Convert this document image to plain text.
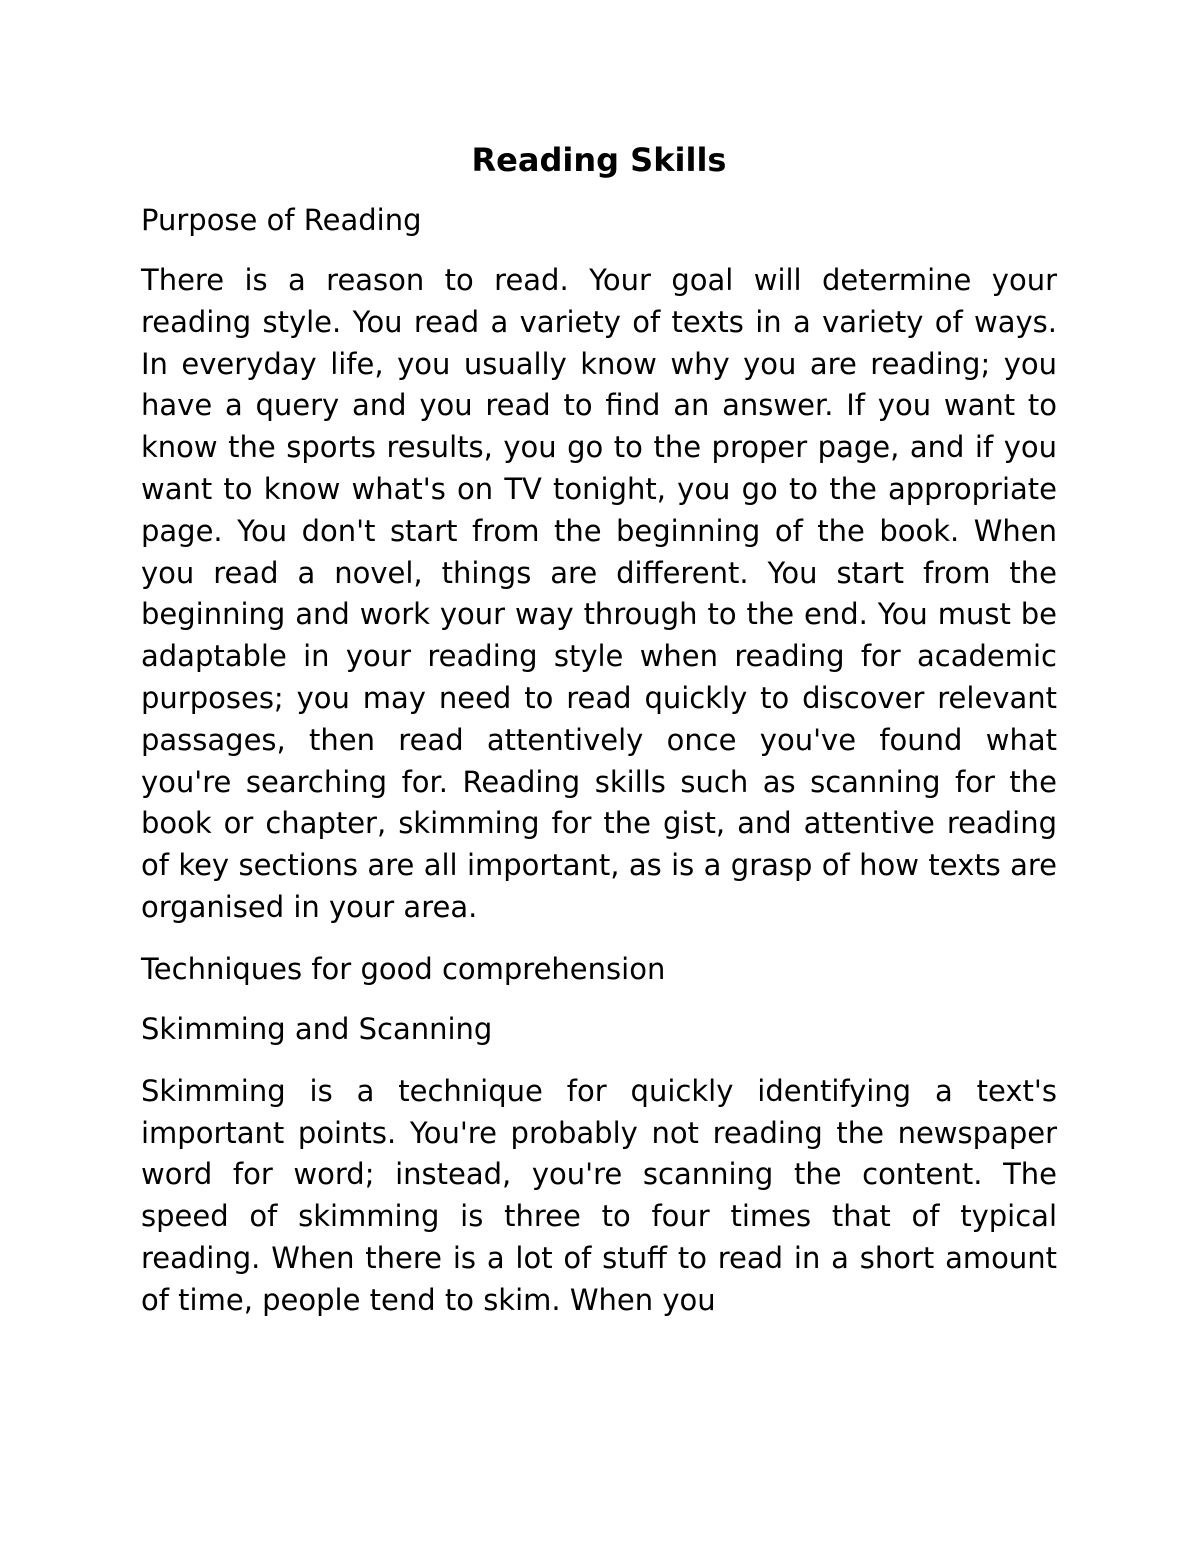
Reading Skills
Purpose of Reading
There is a reason to read. Your goal will determine your reading style. You read a variety of texts in a variety of ways. In everyday life, you usually know why you are reading; you have a query and you read to find an answer. If you want to know the sports results, you go to the proper page, and if you want to know what's on TV tonight, you go to the appropriate page. You don't start from the beginning of the book. When you read a novel, things are different. You start from the beginning and work your way through to the end. You must be adaptable in your reading style when reading for academic purposes; you may need to read quickly to discover relevant passages, then read attentively once you've found what you're searching for. Reading skills such as scanning for the book or chapter, skimming for the gist, and attentive reading of key sections are all important, as is a grasp of how texts are organised in your area.
Techniques for good comprehension
Skimming and Scanning
Skimming is a technique for quickly identifying a text's important points. You're probably not reading the newspaper word for word; instead, you're scanning the content. The speed of skimming is three to four times that of typical reading. When there is a lot of stuff to read in a short amount of time, people tend to skim. When you
